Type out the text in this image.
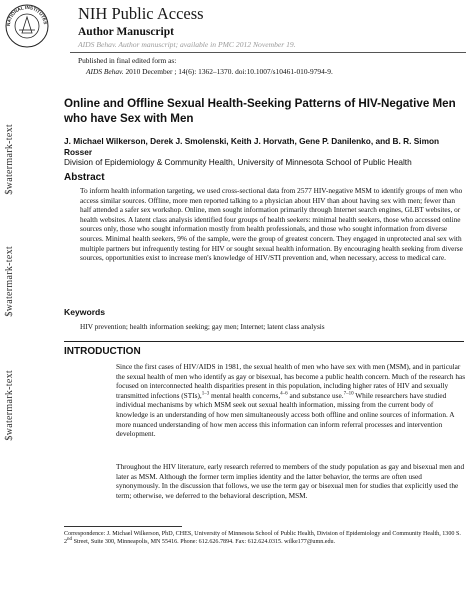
NATIONAL INSTITUTES NIH Public Access
Author Manuscript
AIDS Behav. Author manuscript; available in PMC 2012 November 19.
Published in final edited form as:
AIDS Behav. 2010 December ; 14(6): 1362–1370. doi:10.1007/s10461-010-9794-9.
$watermark-text
$watermark-text
$watermark-text
Online and Offline Sexual Health-Seeking Patterns of HIV-Negative Men who have Sex with Men
J. Michael Wilkerson, Derek J. Smolenski, Keith J. Horvath, Gene P. Danilenko, and B. R. Simon Rosser
Division of Epidemiology & Community Health, University of Minnesota School of Public Health
Abstract
To inform health information targeting, we used cross-sectional data from 2577 HIV-negative MSM to identify groups of men who access similar sources. Offline, more men reported talking to a physician about HIV than about having sex with men; fewer than half attended a safer sex workshop. Online, men sought information primarily through Internet search engines, GLBT websites, or health websites. A latent class analysis identified four groups of health seekers: minimal health seekers, those who accessed online sources only, those who sought information mostly from health professionals, and those who sought information from diverse sources. Minimal health seekers, 9% of the sample, were the group of greatest concern. They engaged in unprotected anal sex with multiple partners but infrequently testing for HIV or sought sexual health information. By encouraging health seeking from diverse sources, opportunities exist to increase men's knowledge of HIV/STI prevention and, when necessary, access to medical care.
Keywords
HIV prevention; health information seeking; gay men; Internet; latent class analysis
INTRODUCTION
Since the first cases of HIV/AIDS in 1981, the sexual health of men who have sex with men (MSM), and in particular the sexual health of men who identify as gay or bisexual, has become a public health concern. Much of the research has focused on interconnected health disparities present in this population, including higher rates of HIV and sexually transmitted infections (STIs),$^{1-3}$ mental health concerns,$^{4-6}$ and substance use.$^{7-10}$ While researchers have studied individual mechanisms by which MSM seek out sexual health information, missing from the current body of knowledge is an understanding of how men simultaneously access both offline and online sources of information. A more nuanced understanding of how men access this information can inform referral processes and intervention development.
Throughout the HIV literature, early research referred to members of the study population as gay and bisexual men and later as MSM. Although the former term implies identity and the latter behavior, the terms are often used synonymously. In the discussion that follows, we use the term gay or bisexual men for studies that explicitly used the term; otherwise, we deferred to the behavioral description, MSM.
Correspondence: J. Michael Wilkerson, PhD, CHES, University of Minnesota School of Public Health, Division of Epidemiology and Community Health, 1300 S. 2nd Street, Suite 300, Minneapolis, MN 55416. Phone: 612.626.7894. Fax: 612.624.0315. wilke177@umn.edu.
